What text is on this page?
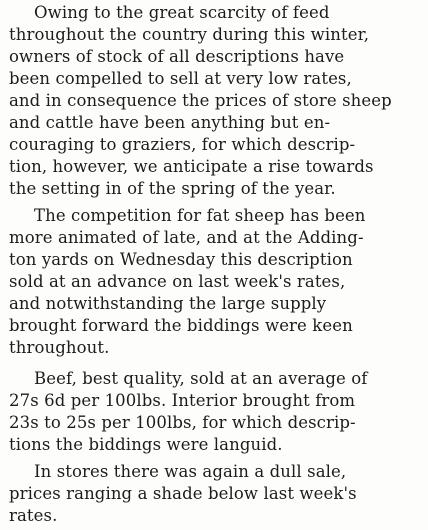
Owing to the great scarcity of feed
throughout the country during this winter,
owners of stock of all descriptions have
been compelled to sell at very low rates,
and in consequence the prices of store sheep
and cattle have been anything but en-
couraging to graziers, for which descrip-
tion, however, we anticipate a rise towards
the setting in of the spring of the year.
The competition for fat sheep has been
more animated of late, and at the Adding-
ton yards on Wednesday this description
sold at an advance on last week's rates,
and notwithstanding the large supply
brought forward the biddings were keen
throughout.
Beef, best quality, sold at an average of
27s 6d per 100lbs. Interior brought from
23s to 25s per 100lbs, for which descrip-
tions the biddings were languid.
In stores there was again a dull sale,
prices ranging a shade below last week's
rates.
